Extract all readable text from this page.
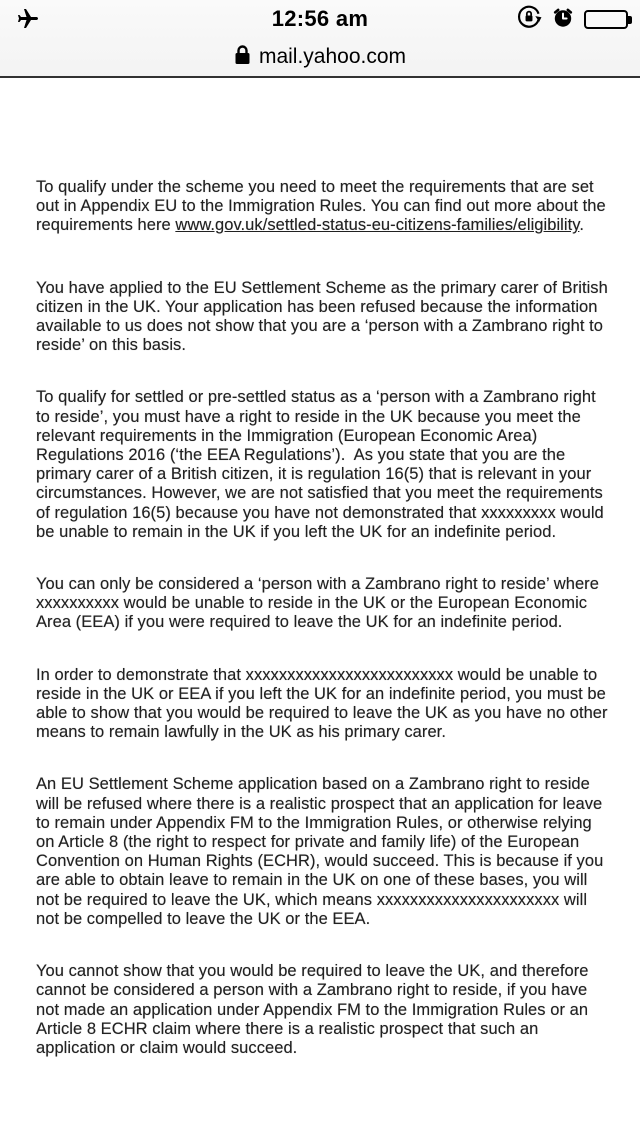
12:56 am
mail.yahoo.com

To qualify under the scheme you need to meet the requirements that are set out in Appendix EU to the Immigration Rules. You can find out more about the requirements here www.gov.uk/settled-status-eu-citizens-families/eligibility.

You have applied to the EU Settlement Scheme as the primary carer of British citizen in the UK. Your application has been refused because the information available to us does not show that you are a ‘person with a Zambrano right to reside’ on this basis.

To qualify for settled or pre-settled status as a ‘person with a Zambrano right to reside’, you must have a right to reside in the UK because you meet the relevant requirements in the Immigration (European Economic Area) Regulations 2016 (‘the EEA Regulations’).  As you state that you are the primary carer of a British citizen, it is regulation 16(5) that is relevant in your circumstances. However, we are not satisfied that you meet the requirements of regulation 16(5) because you have not demonstrated that xxxxxxxxx would be unable to remain in the UK if you left the UK for an indefinite period.

You can only be considered a ‘person with a Zambrano right to reside’ where xxxxxxxxxx would be unable to reside in the UK or the European Economic Area (EEA) if you were required to leave the UK for an indefinite period.

In order to demonstrate that xxxxxxxxxxxxxxxxxxxxxxxxx would be unable to reside in the UK or EEA if you left the UK for an indefinite period, you must be able to show that you would be required to leave the UK as you have no other means to remain lawfully in the UK as his primary carer.

An EU Settlement Scheme application based on a Zambrano right to reside will be refused where there is a realistic prospect that an application for leave to remain under Appendix FM to the Immigration Rules, or otherwise relying on Article 8 (the right to respect for private and family life) of the European Convention on Human Rights (ECHR), would succeed. This is because if you are able to obtain leave to remain in the UK on one of these bases, you will not be required to leave the UK, which means xxxxxxxxxxxxxxxxxxxxxx will not be compelled to leave the UK or the EEA.

You cannot show that you would be required to leave the UK, and therefore cannot be considered a person with a Zambrano right to reside, if you have not made an application under Appendix FM to the Immigration Rules or an Article 8 ECHR claim where there is a realistic prospect that such an application or claim would succeed.
